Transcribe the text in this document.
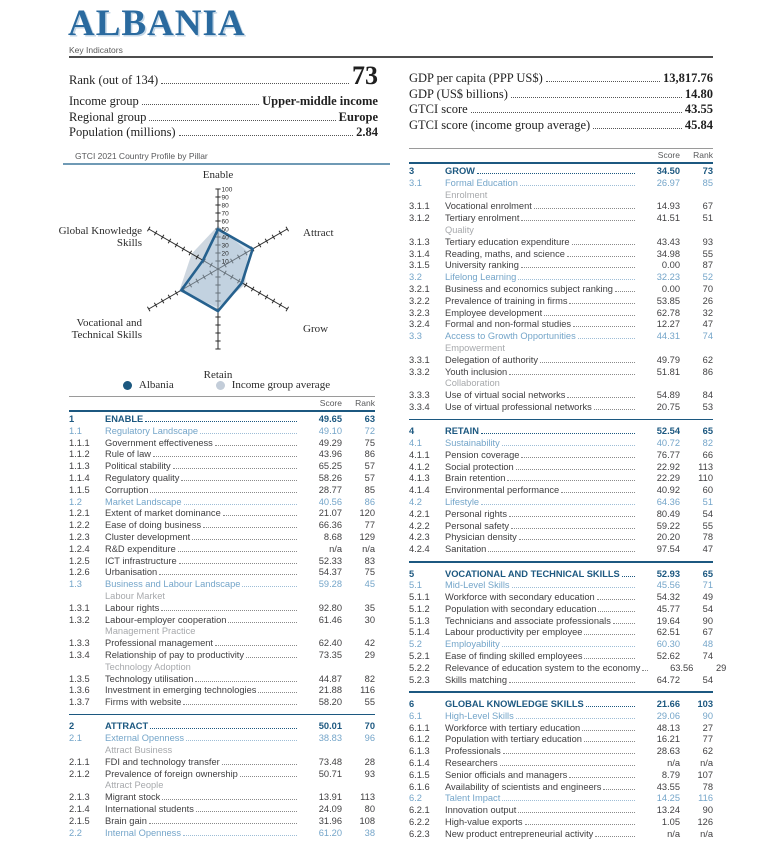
ALBANIA
Key Indicators
Rank (out of 134)	73
Income group	Upper-middle income
Regional group	Europe
Population (millions)	2.84
GDP per capita (PPP US$)	13,817.76
GDP (US$ billions)	14.80
GTCI score	43.55
GTCI score (income group average)	45.84
GTCI 2021 Country Profile by Pillar
10
20
30
40
50
60
70
80
90
100
Enable
Attract
Grow
Retain
Vocational and Technical Skills
Global Knowledge Skills
Albania	Income group average
Score	Rank
1	ENABLE	49.65	63
1.1	Regulatory Landscape	49.10	72
1.1.1	Government effectiveness	49.29	75
1.1.2	Rule of law	43.96	86
1.1.3	Political stability	65.25	57
1.1.4	Regulatory quality	58.26	57
1.1.5	Corruption	28.77	85
1.2	Market Landscape	40.56	86
1.2.1	Extent of market dominance	21.07	120
1.2.2	Ease of doing business	66.36	77
1.2.3	Cluster development	8.68	129
1.2.4	R&D expenditure	n/a	n/a
1.2.5	ICT infrastructure	52.33	83
1.2.6	Urbanisation	54.37	75
1.3	Business and Labour Landscape	59.28	45
Labour Market
1.3.1	Labour rights	92.80	35
1.3.2	Labour-employer cooperation	61.46	30
Management Practice
1.3.3	Professional management	62.40	42
1.3.4	Relationship of pay to productivity	73.35	29
Technology Adoption
1.3.5	Technology utilisation	44.87	82
1.3.6	Investment in emerging technologies	21.88	116
1.3.7	Firms with website	58.20	55
2	ATTRACT	50.01	70
2.1	External Openness	38.83	96
Attract Business
2.1.1	FDI and technology transfer	73.48	28
2.1.2	Prevalence of foreign ownership	50.71	93
Attract People
2.1.3	Migrant stock	13.91	113
2.1.4	International students	24.09	80
2.1.5	Brain gain	31.96	108
2.2	Internal Openness	61.20	38
Score	Rank
3	GROW	34.50	73
3.1	Formal Education	26.97	85
Enrolment
3.1.1	Vocational enrolment	14.93	67
3.1.2	Tertiary enrolment	41.51	51
Quality
3.1.3	Tertiary education expenditure	43.43	93
3.1.4	Reading, maths, and science	34.98	55
3.1.5	University ranking	0.00	87
3.2	Lifelong Learning	32.23	52
3.2.1	Business and economics subject ranking	0.00	70
3.2.2	Prevalence of training in firms	53.85	26
3.2.3	Employee development	62.78	32
3.2.4	Formal and non-formal studies	12.27	47
3.3	Access to Growth Opportunities	44.31	74
Empowerment
3.3.1	Delegation of authority	49.79	62
3.3.2	Youth inclusion	51.81	86
Collaboration
3.3.3	Use of virtual social networks	54.89	84
3.3.4	Use of virtual professional networks	20.75	53
4	RETAIN	52.54	65
4.1	Sustainability	40.72	82
4.1.1	Pension coverage	76.77	66
4.1.2	Social protection	22.92	113
4.1.3	Brain retention	22.29	110
4.1.4	Environmental performance	40.92	60
4.2	Lifestyle	64.36	51
4.2.1	Personal rights	80.49	54
4.2.2	Personal safety	59.22	55
4.2.3	Physician density	20.20	78
4.2.4	Sanitation	97.54	47
5	VOCATIONAL AND TECHNICAL SKILLS	52.93	65
5.1	Mid-Level Skills	45.56	71
5.1.1	Workforce with secondary education	54.32	49
5.1.2	Population with secondary education	45.77	54
5.1.3	Technicians and associate professionals	19.64	90
5.1.4	Labour productivity per employee	62.51	67
5.2	Employability	60.30	48
5.2.1	Ease of finding skilled employees	52.62	74
5.2.2	Relevance of education system to the economy	63.56	29
5.2.3	Skills matching	64.72	54
6	GLOBAL KNOWLEDGE SKILLS	21.66	103
6.1	High-Level Skills	29.06	90
6.1.1	Workforce with tertiary education	48.13	27
6.1.2	Population with tertiary education	16.21	77
6.1.3	Professionals	28.63	62
6.1.4	Researchers	n/a	n/a
6.1.5	Senior officials and managers	8.79	107
6.1.6	Availability of scientists and engineers	43.55	78
6.2	Talent Impact	14.25	116
6.2.1	Innovation output	13.24	90
6.2.2	High-value exports	1.05	126
6.2.3	New product entrepreneurial activity	n/a	n/a
